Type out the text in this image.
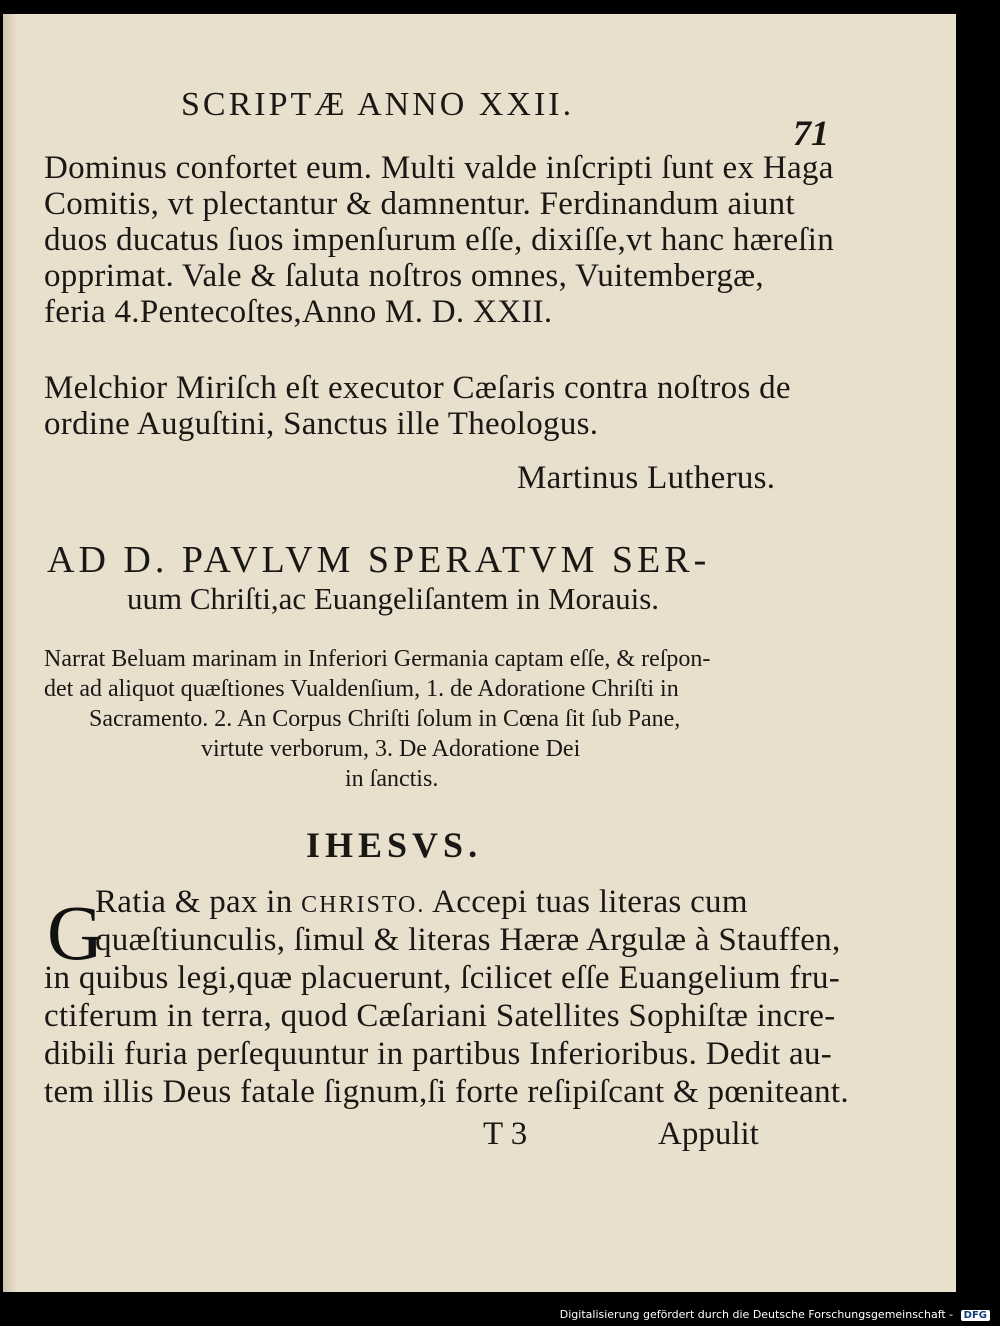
SCRIPTÆ ANNO XXII.
71
Dominus confortet eum. Multi valde inſcripti ſunt ex Haga
Comitis, vt plectantur & damnentur. Ferdinandum aiunt
duos ducatus ſuos impenſurum eſſe, dixiſſe,vt hanc hæreſin
opprimat. Vale & ſaluta noſtros omnes, Vuitembergæ,
feria 4.Pentecoſtes,Anno M. D. XXII.
Melchior Miriſch eſt executor Cæſaris contra noſtros de
ordine Auguſtini, Sanctus ille Theologus.
Martinus Lutherus.
AD D. PAVLVM SPERATVM SER-
uum Chriſti,ac Euangeliſantem in Morauis.
Narrat Beluam marinam in Inferiori Germania captam eſſe, & reſpon-
det ad aliquot quæſtiones Vualdenſium, 1. de Adoratione Chriſti in
Sacramento. 2. An Corpus Chriſti ſolum in Cœna ſit ſub Pane,
virtute verborum, 3. De Adoratione Dei
in ſanctis.
IHESVS.
G
Ratia & pax in CHRISTO. Accepi tuas literas cum
quæſtiunculis, ſimul & literas Hæræ Argulæ à Stauffen,
in quibus legi,quæ placuerunt, ſcilicet eſſe Euangelium fru-
ctiferum in terra, quod Cæſariani Satellites Sophiſtæ incre-
dibili furia perſequuntur in partibus Inferioribus. Dedit au-
tem illis Deus fatale ſignum,ſi forte reſipiſcant & pœniteant.
T 3	Appulit
Digitalisierung gefördert durch die Deutsche Forschungsgemeinschaft - DFG
